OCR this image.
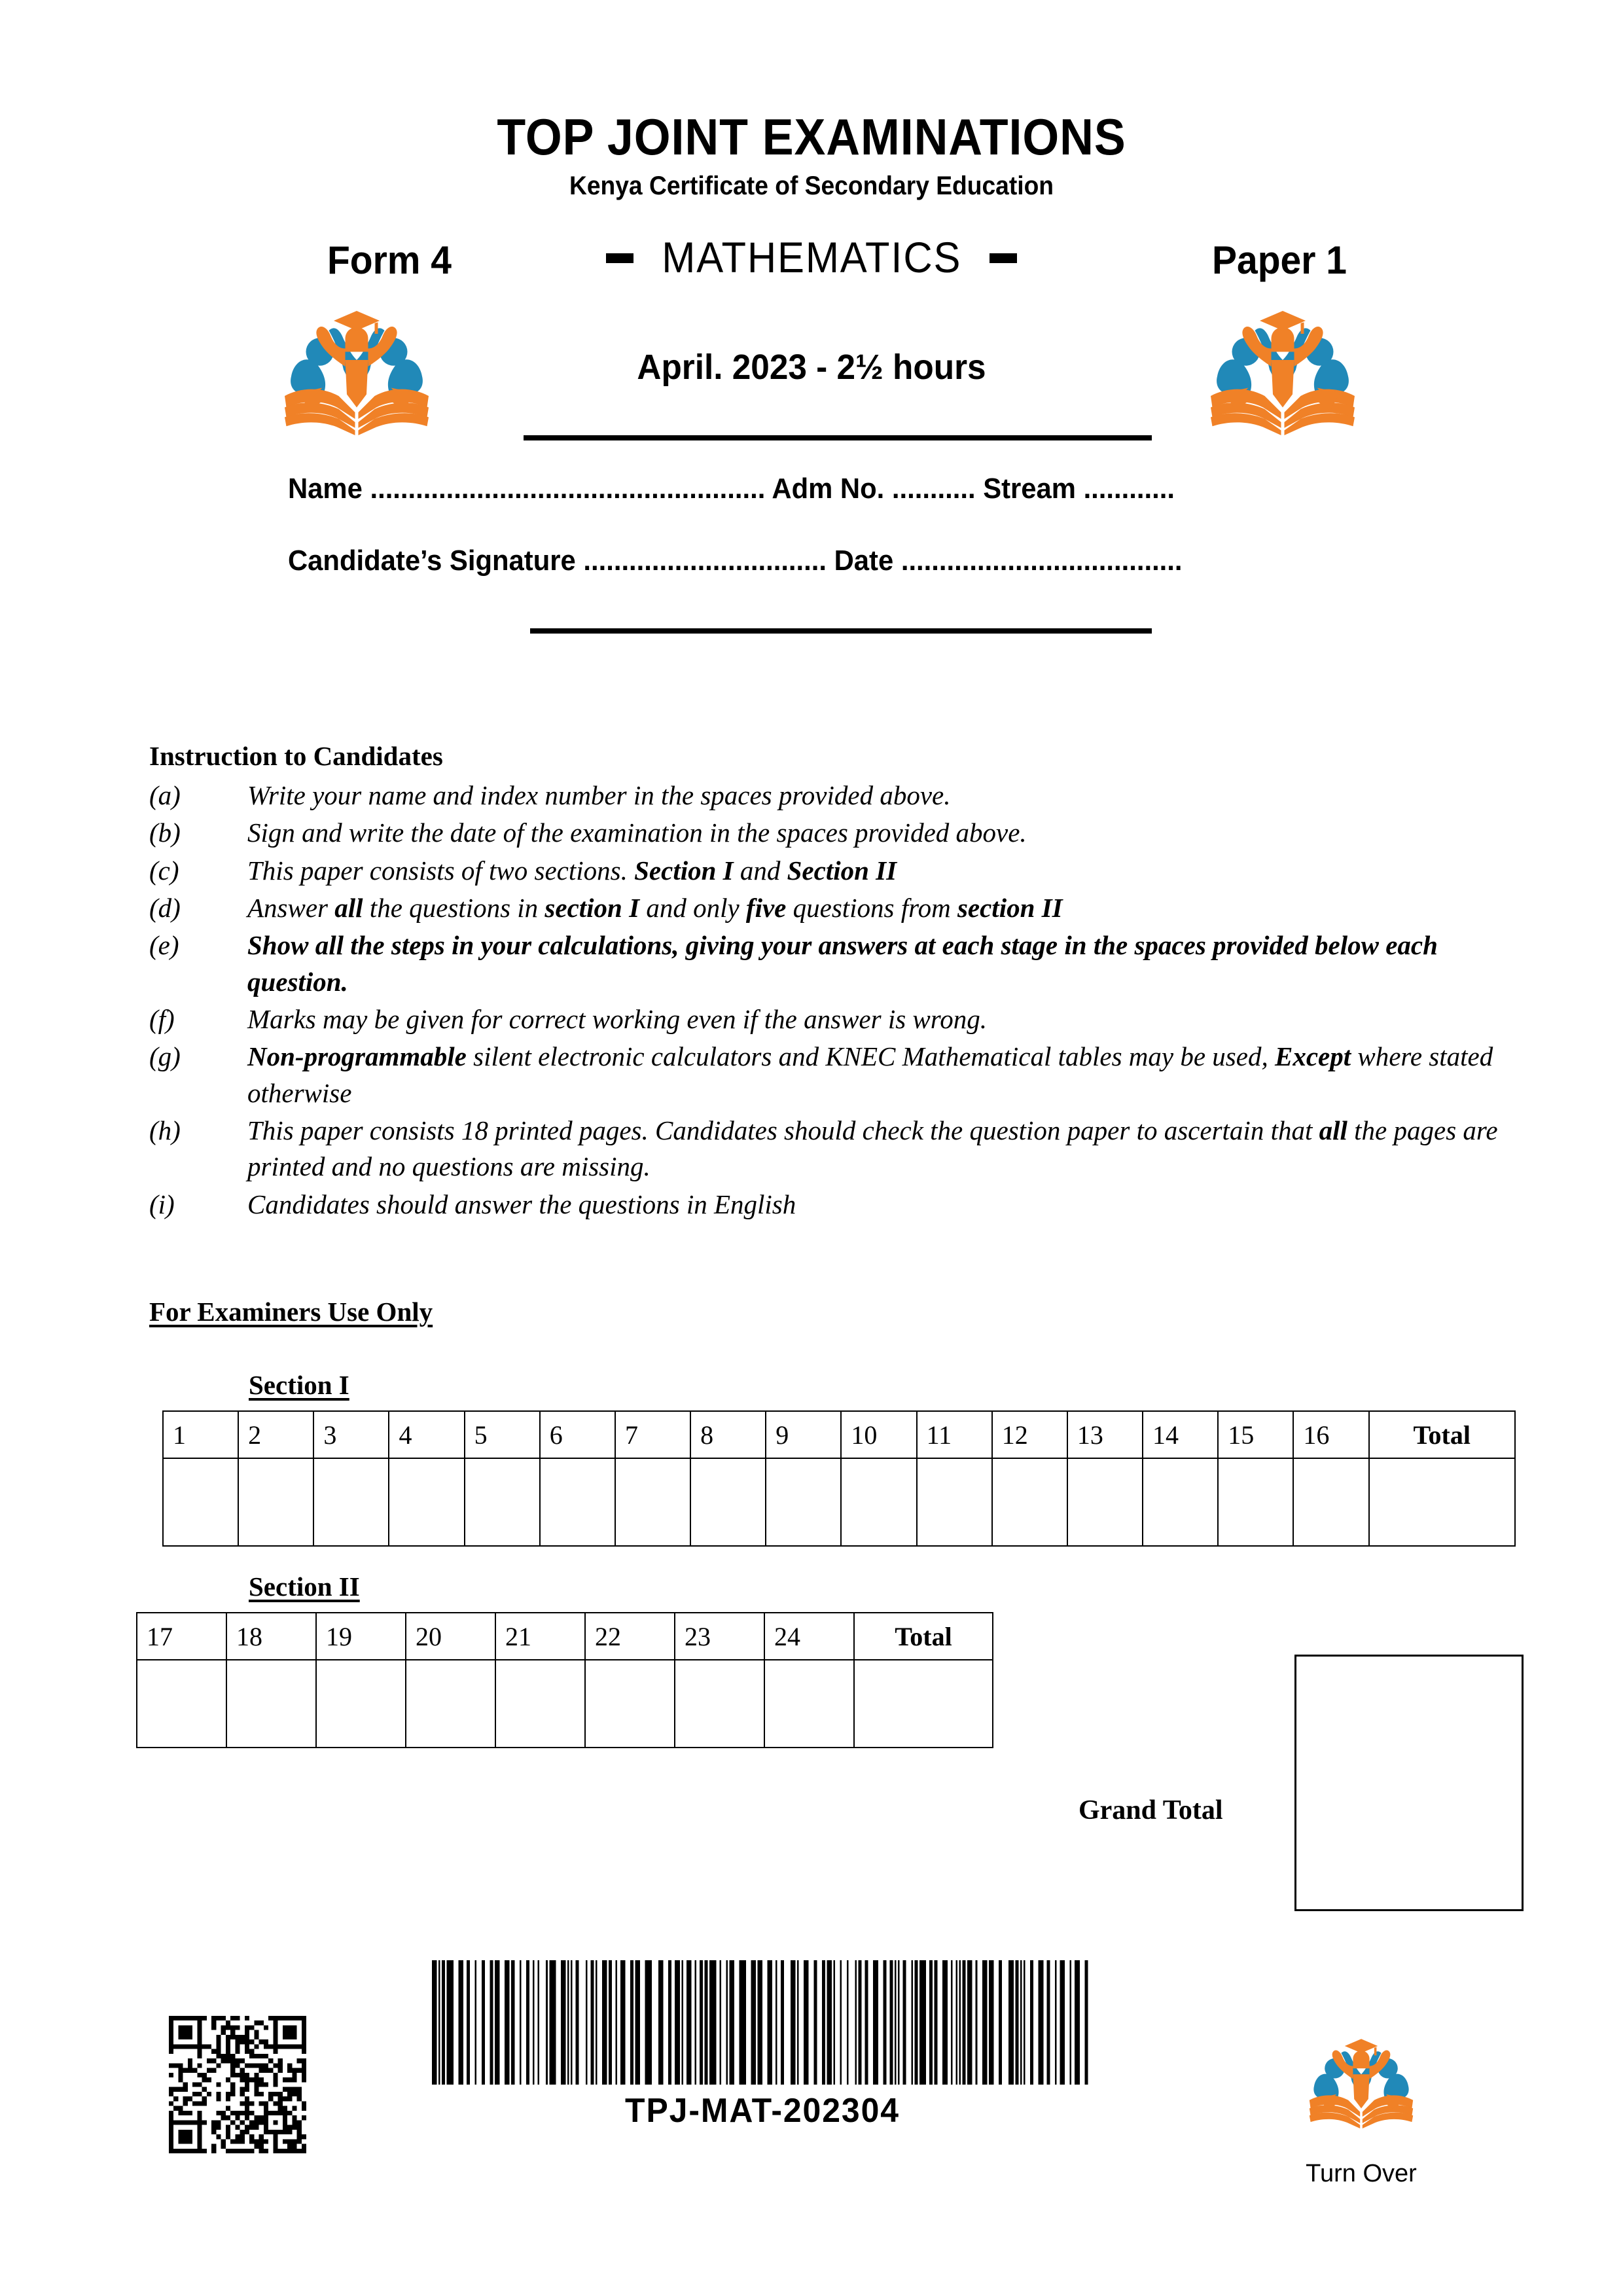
TOP JOINT EXAMINATIONS
Kenya Certificate of Secondary Education
Form 4	MATHEMATICS	Paper 1
April. 2023 - 2½ hours
Name .................................................... Adm No. ........... Stream ............
Candidate’s Signature ................................ Date .....................................
Instruction to Candidates
(a)	Write your name and index number in the spaces provided above.
(b)	Sign and write the date of the examination in the spaces provided above.
(c)	This paper consists of two sections. Section I and Section II
(d)	Answer all the questions in section I and only five questions from section II
(e)	Show all the steps in your calculations, giving your answers at each stage in the spaces provided below each question.
(f)	Marks may be given for correct working even if the answer is wrong.
(g)	Non-programmable silent electronic calculators and KNEC Mathematical tables may be used, Except where stated otherwise
(h)	This paper consists 18 printed pages. Candidates should check the question paper to ascertain that all the pages are printed and no questions are missing.
(i)	Candidates should answer the questions in English
For Examiners Use Only
Section I
1	2	3	4	5	6	7	8	9	10	11	12	13	14	15	16	Total

Section II
17	18	19	20	21	22	23	24	Total

Grand Total
TPJ-MAT-202304
Turn Over
